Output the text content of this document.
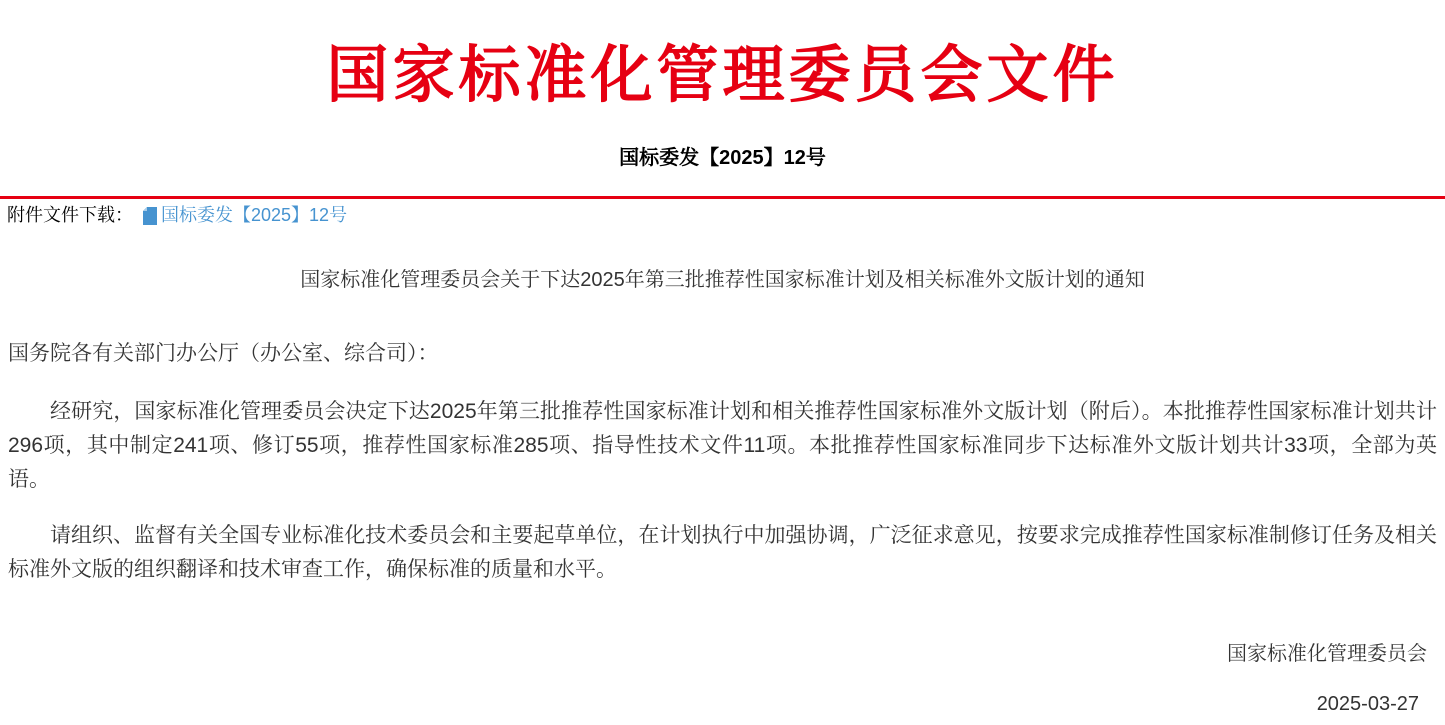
国家标准化管理委员会文件
国标委发【2025】12号
附件文件下载： 国标委发【2025】12号
国家标准化管理委员会关于下达2025年第三批推荐性国家标准计划及相关标准外文版计划的通知
国务院各有关部门办公厅（办公室、综合司）：

经研究，国家标准化管理委员会决定下达2025年第三批推荐性国家标准计划和相关推荐性国家标准外文版计划（附后）。本批推荐性国家标准计划共计296项，其中制定241项、修订55项，推荐性国家标准285项、指导性技术文件11项。本批推荐性国家标准同步下达标准外文版计划共计33项，全部为英语。

请组织、监督有关全国专业标准化技术委员会和主要起草单位，在计划执行中加强协调，广泛征求意见，按要求完成推荐性国家标准制修订任务及相关标准外文版的组织翻译和技术审查工作，确保标准的质量和水平。

国家标准化管理委员会
2025-03-27
